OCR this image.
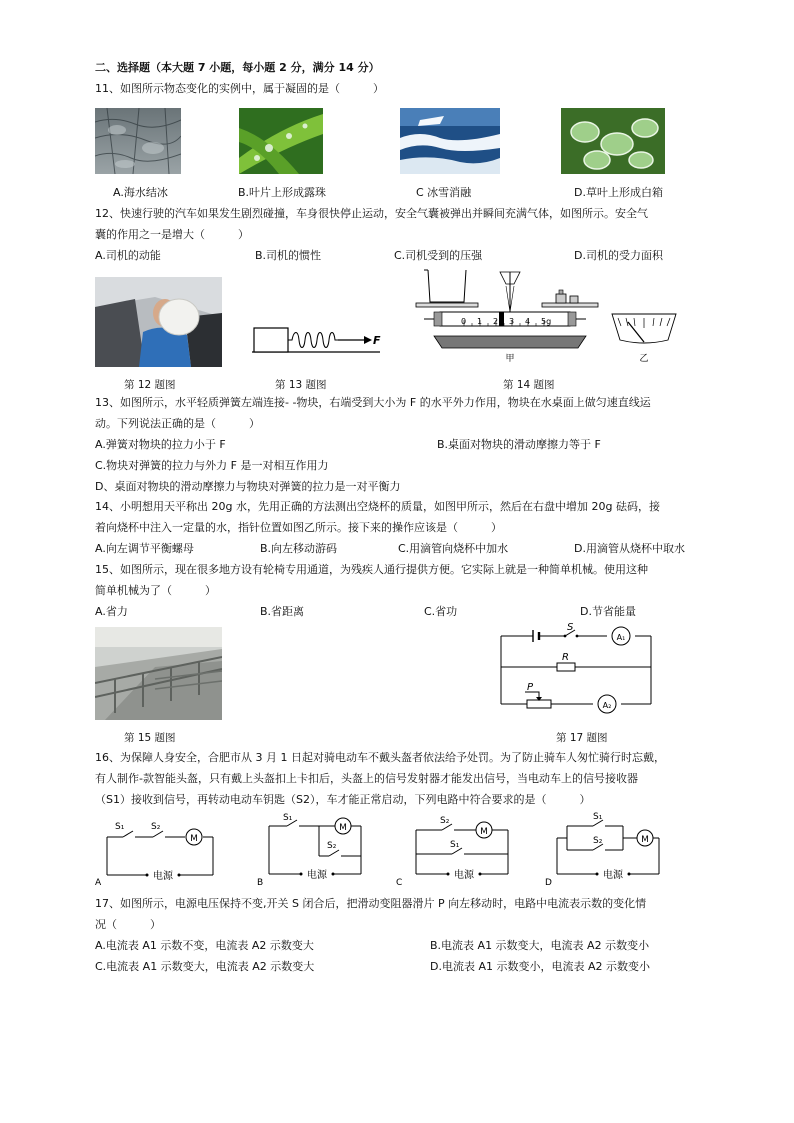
二、选择题（本大题 7 小题，每小题 2 分，满分 14 分）
11、如图所示物态变化的实例中，属于凝固的是（　　　）
A.海水结冰	B.叶片上形成露珠	C 冰雪消融	D.草叶上形成白箱
12、快速行驶的汽车如果发生剧烈碰撞，车身很快停止运动，安全气囊被弹出并瞬间充满气体，如图所示。安全气
囊的作用之一是增大（　　　）
A.司机的动能	B.司机的惯性	C.司机受到的压强	D.司机的受力面积
第 12 题图
F
第 13 题图
0 1 2 3 4 5g
甲	乙
第 14 题图
13、如图所示，水平轻质弹簧左端连接- -物块，右端受到大小为 F 的水平外力作用，物块在水桌面上做匀速直线运
动。下列说法正确的是（　　　）
A.弹簧对物块的拉力小于 F	B.桌面对物块的滑动摩擦力等于 F
C.物块对弹簧的拉力与外力 F 是一对相互作用力
D、桌面对物块的滑动摩擦力与物块对弹簧的拉力是一对平衡力
14、小明想用天平称出 20g 水，先用正确的方法测出空烧杯的质量，如图甲所示，然后在右盘中增加 20g 砝码，接
着向烧杯中注入一定量的水，指针位置如图乙所示。接下来的操作应该是（　　　）
A.向左调节平衡螺母	B.向左移动游码	C.用滴管向烧杯中加水	D.用滴管从烧杯中取水
15、如图所示，现在很多地方设有轮椅专用通道，为残疾人通行提供方便。它实际上就是一种简单机械。使用这种
简单机械为了（　　　）
A.省力	B.省距离	C.省功	D.节省能量
第 15 题图
S
A₁
R
P
A₂
第 17 题图
16、为保障人身安全，合肥市从 3 月 1 日起对骑电动车不戴头盔者依法给予处罚。为了防止骑车人匆忙骑行时忘戴，
有人制作-款智能头盔，只有戴上头盔扣上卡扣后，头盔上的信号发射器才能发出信号，当电动车上的信号接收器
（S1）接收到信号，再转动电动车钥匙（S2），车才能正常启动，下列电路中符合要求的是（　　　）
M
S₁	S₂
电源
A
M
S₁
S₂
电源
B
M
S₂
S₁
电源
C
M
S₁
S₂
电源
D
17、如图所示，电源电压保持不变,开关 S 闭合后，把滑动变阻器滑片 P 向左移动时，电路中电流表示数的变化情
况（　　　）
A.电流表 A1 示数不变，电流表 A2 示数变大	B.电流表 A1 示数变大，电流表 A2 示数变小
C.电流表 A1 示数变大，电流表 A2 示数变大	D.电流表 A1 示数变小，电流表 A2 示数变小
